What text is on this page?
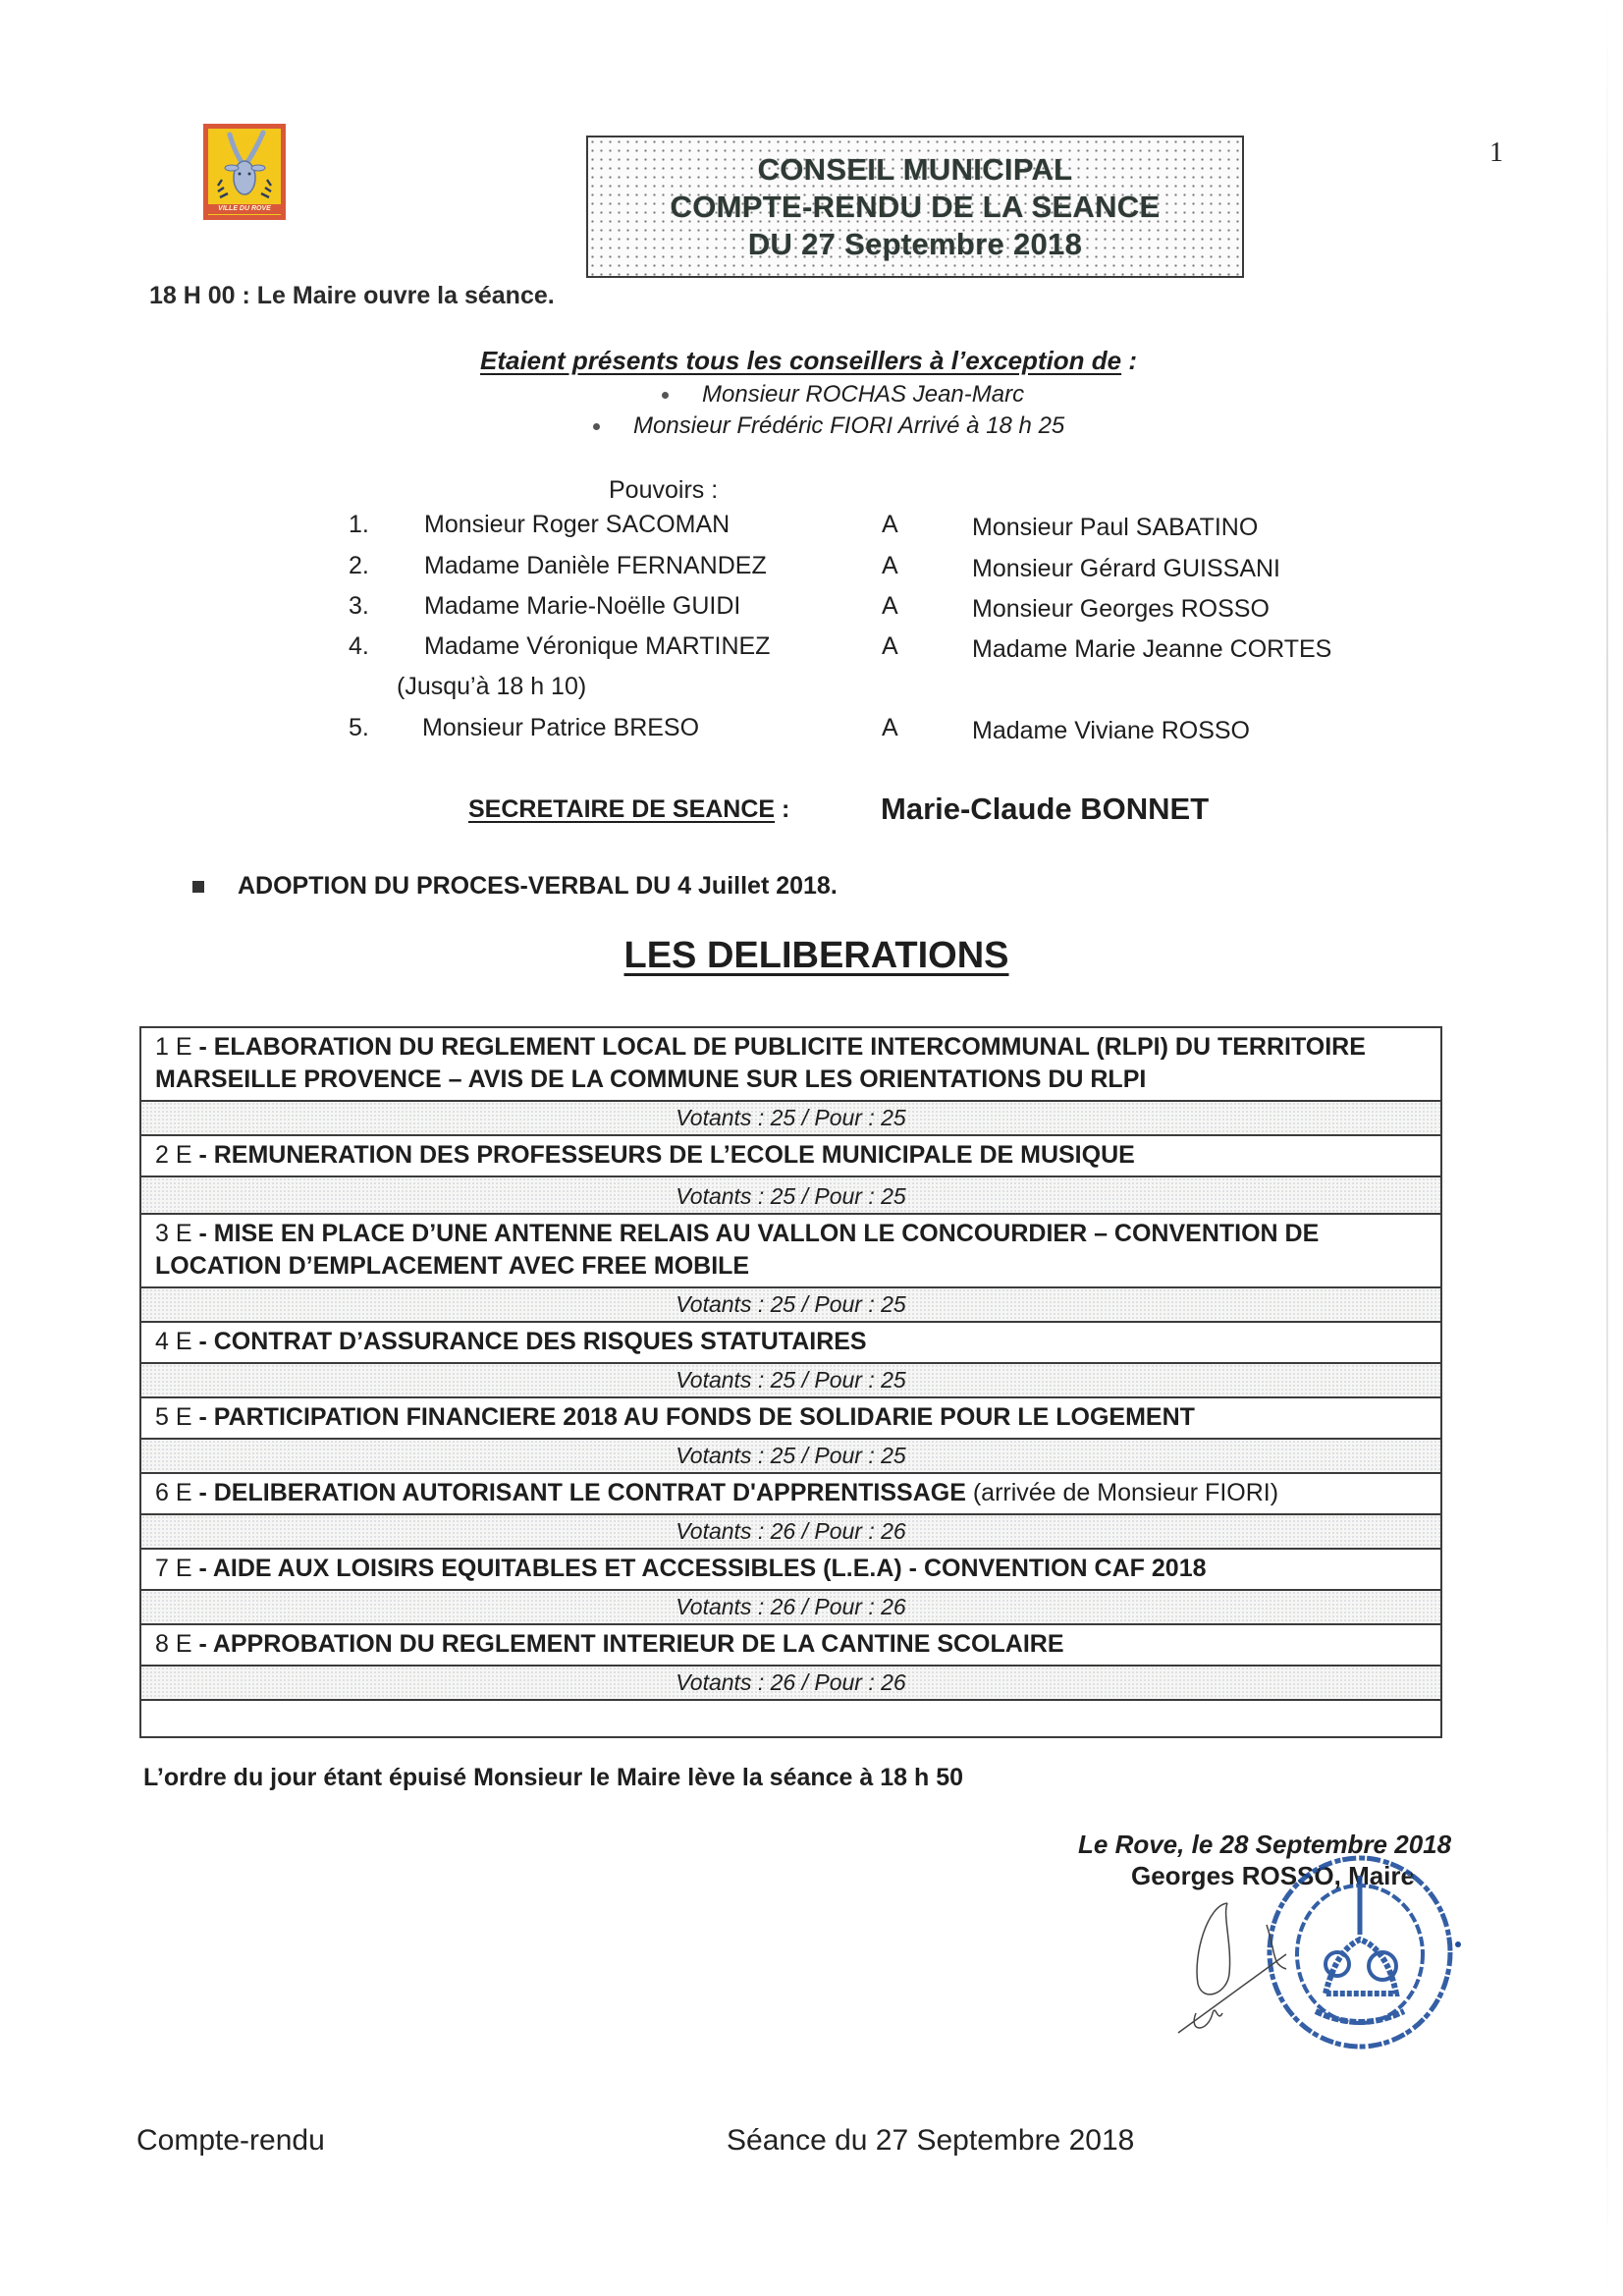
VILLE DU ROVE
1
CONSEIL MUNICIPAL
COMPTE-RENDU DE LA SEANCE
DU 27 Septembre 2018
18 H 00 : Le Maire ouvre la séance.
Etaient présents tous les conseillers à l’exception de :
Monsieur ROCHAS Jean-Marc
Monsieur Frédéric FIORI Arrivé à 18 h 25
Pouvoirs :
1. Monsieur Roger SACOMAN	A	Monsieur Paul SABATINO
2. Madame Danièle FERNANDEZ	A	Monsieur Gérard GUISSANI
3. Madame Marie-Noëlle GUIDI	A	Monsieur Georges ROSSO
4. Madame Véronique MARTINEZ	A	Madame Marie Jeanne CORTES
(Jusqu’à 18 h 10)
5. Monsieur Patrice BRESO	A	Madame Viviane ROSSO
SECRETAIRE DE SEANCE :	Marie-Claude BONNET
ADOPTION DU PROCES-VERBAL DU 4 Juillet 2018.
LES DELIBERATIONS
1 E - ELABORATION DU REGLEMENT LOCAL DE PUBLICITE INTERCOMMUNAL (RLPI) DU TERRITOIRE MARSEILLE PROVENCE – AVIS DE LA COMMUNE SUR LES ORIENTATIONS DU RLPI
Votants : 25 / Pour : 25
2 E - REMUNERATION DES PROFESSEURS DE L’ECOLE MUNICIPALE DE MUSIQUE
Votants : 25 / Pour : 25
3 E - MISE EN PLACE D’UNE ANTENNE RELAIS AU VALLON LE CONCOURDIER – CONVENTION DE LOCATION D’EMPLACEMENT AVEC FREE MOBILE
Votants : 25 / Pour : 25
4 E - CONTRAT D’ASSURANCE DES RISQUES STATUTAIRES
Votants : 25 / Pour : 25
5 E - PARTICIPATION FINANCIERE 2018 AU FONDS DE SOLIDARIE POUR LE LOGEMENT
Votants : 25 / Pour : 25
6 E - DELIBERATION AUTORISANT LE CONTRAT D'APPRENTISSAGE (arrivée de Monsieur FIORI)
Votants : 26 / Pour : 26
7 E - AIDE AUX LOISIRS EQUITABLES ET ACCESSIBLES (L.E.A) - CONVENTION CAF 2018
Votants : 26 / Pour : 26
8 E - APPROBATION DU REGLEMENT INTERIEUR DE LA CANTINE SCOLAIRE
Votants : 26 / Pour : 26
L’ordre du jour étant épuisé Monsieur le Maire lève la séance à 18 h 50
Le Rove, le 28 Septembre 2018
Georges ROSSO, Maire
Compte-rendu	Séance du 27 Septembre 2018
